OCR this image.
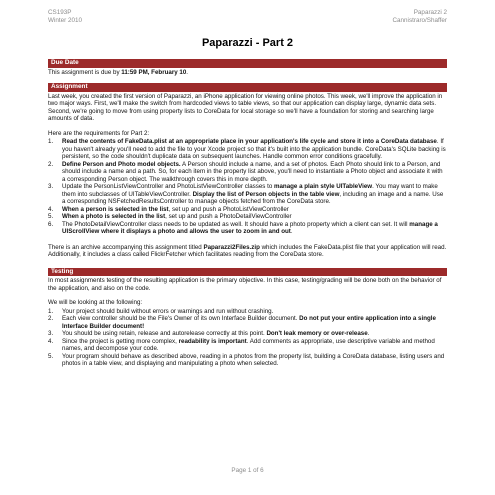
CS193P
Winter 2010
Paparazzi 2
Cannistraro/Shaffer
Paparazzi - Part 2
Due Date
This assignment is due by 11:59 PM, February 10.
Assignment
Last week, you created the first version of Paparazzi, an iPhone application for viewing online photos. This week, we'll improve the application in two major ways. First, we'll make the switch from hardcoded views to table views, so that our application can display large, dynamic data sets. Second, we're going to move from using property lists to CoreData for local storage so we'll have a foundation for storing and searching large amounts of data.
Here are the requirements for Part 2:
1.	Read the contents of FakeData.plist at an appropriate place in your application's life cycle and store it into a CoreData database. If you haven't already you'll need to add the file to your Xcode project so that it's built into the application bundle. CoreData's SQLite backing is persistent, so the code shouldn't duplicate data on subsequent launches. Handle common error conditions gracefully.
2.	Define Person and Photo model objects. A Person should include a name, and a set of photos. Each Photo should link to a Person, and should include a name and a path. So, for each item in the property list above, you'll need to instantiate a Photo object and associate it with a corresponding Person object. The walkthrough covers this in more depth.
3.	Update the PersonListViewController and PhotoListViewController classes to manage a plain style UITableView. You may want to make them into subclasses of UITableViewController. Display the list of Person objects in the table view, including an image and a name. Use a corresponding NSFetchedResultsController to manage objects fetched from the CoreData store.
4.	When a person is selected in the list, set up and push a PhotoListViewController
5.	When a photo is selected in the list, set up and push a PhotoDetailViewController
6.	The PhotoDetailViewController class needs to be updated as well. It should have a photo property which a client can set. It will manage a UIScrollView where it displays a photo and allows the user to zoom in and out.
There is an archive accompanying this assignment titled Paparazzi2Files.zip which includes the FakeData.plist file that your application will read. Additionally, it includes a class called FlickrFetcher which facilitates reading from the CoreData store.
Testing
In most assignments testing of the resulting application is the primary objective. In this case, testing/grading will be done both on the behavior of the application, and also on the code.
We will be looking at the following:
1.	Your project should build without errors or warnings and run without crashing.
2.	Each view controller should be the File's Owner of its own Interface Builder document. Do not put your entire application into a single Interface Builder document!
3.	You should be using retain, release and autorelease correctly at this point. Don't leak memory or over-release.
4.	Since the project is getting more complex, readability is important. Add comments as appropriate, use descriptive variable and method names, and decompose your code.
5.	Your program should behave as described above, reading in a photos from the property list, building a CoreData database, listing users and photos in a table view, and displaying and manipulating a photo when selected.
Page 1 of 6
